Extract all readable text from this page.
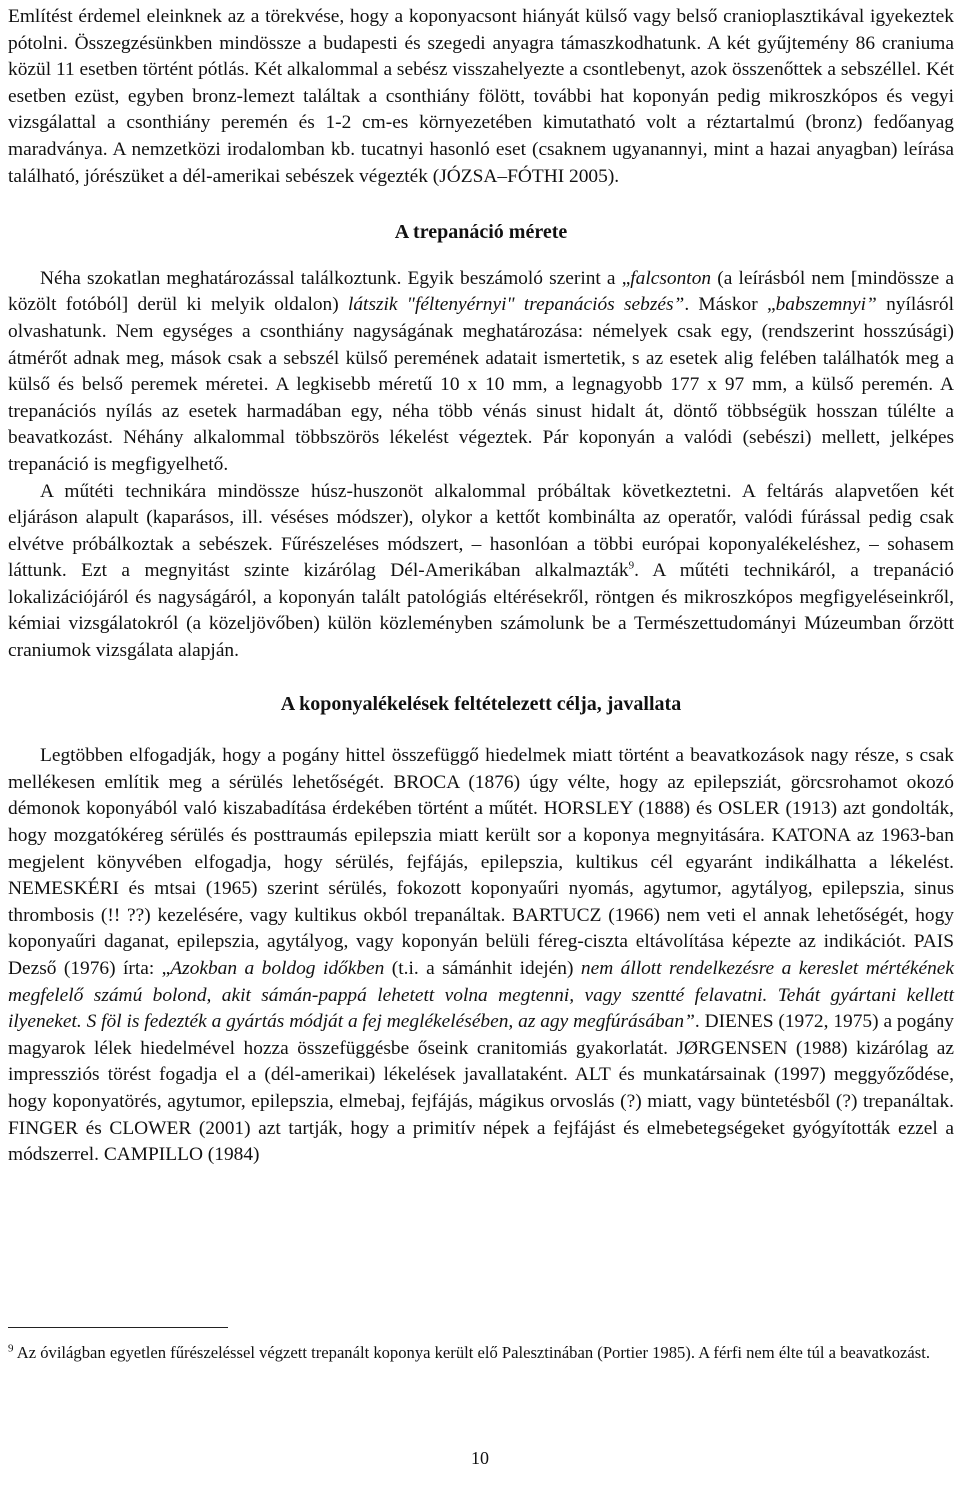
Említést érdemel eleinknek az a törekvése, hogy a koponyacsont hiányát külső vagy belső cranioplasztikával igyekeztek pótolni. Összegzésünkben mindössze a budapesti és szegedi anyagra támaszkodhatunk. A két gyűjtemény 86 craniuma közül 11 esetben történt pótlás. Két alkalommal a sebész visszahelyezte a csontlebenyt, azok összenőttek a sebszéllel. Két esetben ezüst, egyben bronz-lemezt találtak a csonthiány fölött, további hat koponyán pedig mikroszkópos és vegyi vizsgálattal a csonthiány peremén és 1-2 cm-es környezetében kimutatható volt a réztartalmú (bronz) fedőanyag maradványa. A nemzetközi irodalomban kb. tucatnyi hasonló eset (csaknem ugyanannyi, mint a hazai anyagban) leírása található, jórészüket a dél-amerikai sebészek végezték (JÓZSA–FÓTHI 2005).

A trepanáció mérete

Néha szokatlan meghatározással találkoztunk. Egyik beszámoló szerint a „falcsonton (a leírásból nem [mindössze a közölt fotóból] derül ki melyik oldalon) látszik "féltenyérnyi" trepanációs sebzés”. Máskor „babszemnyi” nyílásról olvashatunk. Nem egységes a csonthiány nagyságának meghatározása: némelyek csak egy, (rendszerint hosszúsági) átmérőt adnak meg, mások csak a sebszél külső peremének adatait ismertetik, s az esetek alig felében találhatók meg a külső és belső peremek méretei. A legkisebb méretű 10 x 10 mm, a legnagyobb 177 x 97 mm, a külső peremén. A trepanációs nyílás az esetek harmadában egy, néha több vénás sinust hidalt át, döntő többségük hosszan túlélte a beavatkozást. Néhány alkalommal többszörös lékelést végeztek. Pár koponyán a valódi (sebészi) mellett, jelképes trepanáció is megfigyelhető.

A műtéti technikára mindössze húsz-huszonöt alkalommal próbáltak következtetni. A feltárás alapvetően két eljáráson alapult (kaparásos, ill. véséses módszer), olykor a kettőt kombinálta az operatőr, valódi fúrással pedig csak elvétve próbálkoztak a sebészek. Fűrészeléses módszert, – hasonlóan a többi európai koponyalékeléshez, – sohasem láttunk. Ezt a megnyitást szinte kizárólag Dél-Amerikában alkalmazták$^9$. A műtéti technikáról, a trepanáció lokalizációjáról és nagyságáról, a koponyán talált patológiás eltérésekről, röntgen és mikroszkópos megfigyeléseinkről, kémiai vizsgálatokról (a közeljövőben) külön közleményben számolunk be a Természettudományi Múzeumban őrzött craniumok vizsgálata alapján.

A koponyalékelések feltételezett célja, javallata

Legtöbben elfogadják, hogy a pogány hittel összefüggő hiedelmek miatt történt a beavatkozások nagy része, s csak mellékesen említik meg a sérülés lehetőségét. BROCA (1876) úgy vélte, hogy az epilepsziát, görcsrohamot okozó démonok koponyából való kiszabadítása érdekében történt a műtét. HORSLEY (1888) és OSLER (1913) azt gondolták, hogy mozgatókéreg sérülés és posttraumás epilepszia miatt került sor a koponya megnyitására. KATONA az 1963-ban megjelent könyvében elfogadja, hogy sérülés, fejfájás, epilepszia, kultikus cél egyaránt indikálhatta a lékelést. NEMESKÉRI és mtsai (1965) szerint sérülés, fokozott koponyaűri nyomás, agytumor, agytályog, epilepszia, sinus thrombosis (!! ??) kezelésére, vagy kultikus okból trepanáltak. BARTUCZ (1966) nem veti el annak lehetőségét, hogy koponyaűri daganat, epilepszia, agytályog, vagy koponyán belüli féreg-ciszta eltávolítása képezte az indikációt. PAIS Dezső (1976) írta: „Azokban a boldog időkben (t.i. a sámánhit idején) nem állott rendelkezésre a kereslet mértékének megfelelő számú bolond, akit sámán-pappá lehetett volna megtenni, vagy szentté felavatni. Tehát gyártani kellett ilyeneket. S föl is fedezték a gyártás módját a fej meglékelésében, az agy megfúrásában”. DIENES (1972, 1975) a pogány magyarok lélek hiedelmével hozza összefüggésbe őseink cranitomiás gyakorlatát. JØRGENSEN (1988) kizárólag az impressziós törést fogadja el a (dél-amerikai) lékelések javallataként. ALT és munkatársainak (1997) meggyőződése, hogy koponyatörés, agytumor, epilepszia, elmebaj, fejfájás, mágikus orvoslás (?) miatt, vagy büntetésből (?) trepanáltak. FINGER és CLOWER (2001) azt tartják, hogy a primitív népek a fejfájást és elmebetegségeket gyógyították ezzel a módszerrel. CAMPILLO (1984)

$^9$ Az óvilágban egyetlen fűrészeléssel végzett trepanált koponya került elő Palesztinában (Portier 1985). A férfi nem élte túl a beavatkozást.

10
